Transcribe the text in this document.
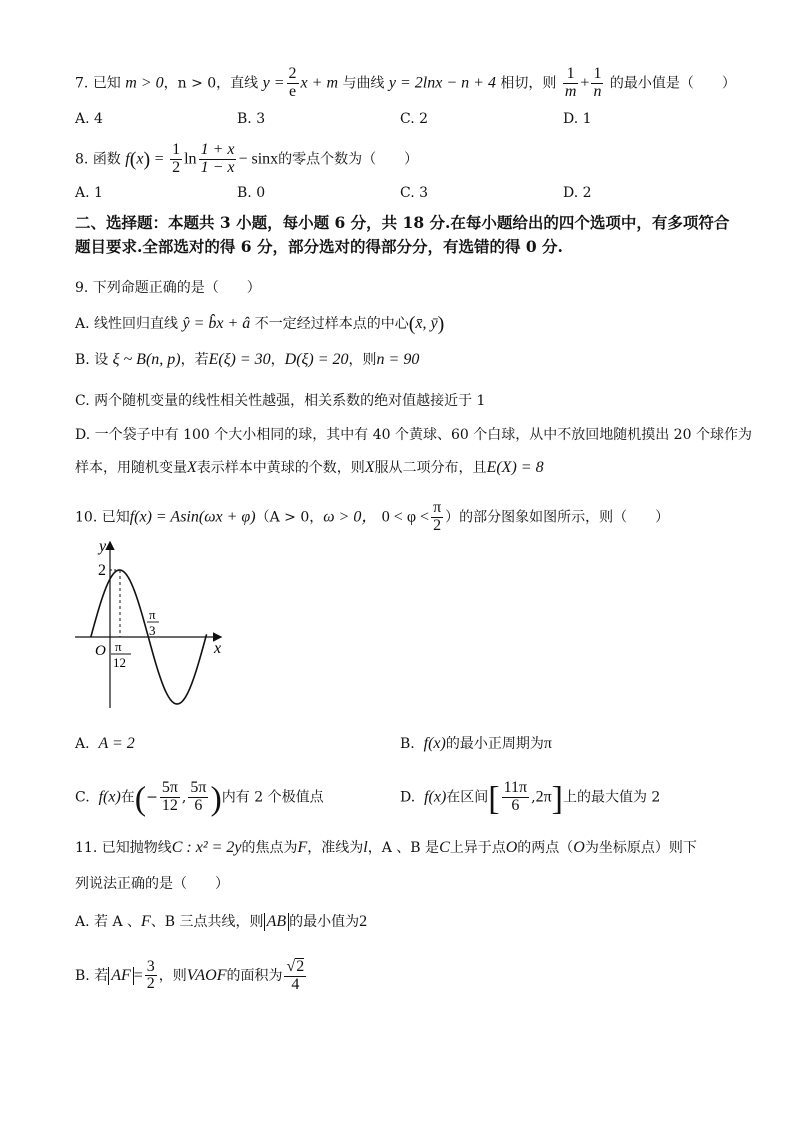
7. 已知 m > 0，n > 0，直线 $y = \frac{2}{e}$ x + m 与曲线 y = 2lnx − n + 4 相切，则 $\frac{1}{m} + \frac{1}{n}$ 的最小值是（　　）
A. 4	B. 3	C. 2	D. 1
8. 函数 $f(x) = \frac{1}{2}$ $\ln \frac{1 + x}{1 - x} - \sin x$的零点个数为（　　）
A. 1	B. 0	C. 3	D. 2
二、选择题：本题共 3 小题，每小题 6 分，共 18 分.在每小题给出的四个选项中，有多项符合题目要求.全部选对的得 6 分，部分选对的得部分分，有选错的得 0 分.
9. 下列命题正确的是（　　）
A. 线性回归直线 ŷ = b̂x + â 不一定经过样本点的中心(x̄, ȳ)
B. 设 ξ ~ B(n, p)，若E(ξ) = 30，D(ξ) = 20，则n = 90
C. 两个随机变量的线性相关性越强，相关系数的绝对值越接近于 1
D. 一个袋子中有 100 个大小相同的球，其中有 40 个黄球、60 个白球，从中不放回地随机摸出 20 个球作为
样本，用随机变量X表示样本中黄球的个数，则X服从二项分布，且E(X) = 8
10. 已知f(x) = Asin(ωx + φ)（A > 0，ω > 0， $0 < \varphi < \frac{\pi}{2}$ ）的部分图象如图所示，则（　　）
y
x
O
2
π
12
π
3
A. A = 2	B. f(x)的最小正周期为π
C. f(x)在(− $\frac{5\pi}{12}$ , $\frac{5\pi}{6}$ )内有 2 个极值点	D. f(x)在区间[ $\frac{11\pi}{6} ,2\pi$]上的最大值为 2
11. 已知抛物线C : x² = 2y的焦点为F，准线为l，A 、B 是C上异于点O的两点（O为坐标原点）则下
列说法正确的是（　　）
A. 若 A 、F、B 三点共线，则 AB 的最小值为2
B. 若 AF = $\frac{3}{2}$ ，则VAOF的面积为 $\frac{√2}{4}$
